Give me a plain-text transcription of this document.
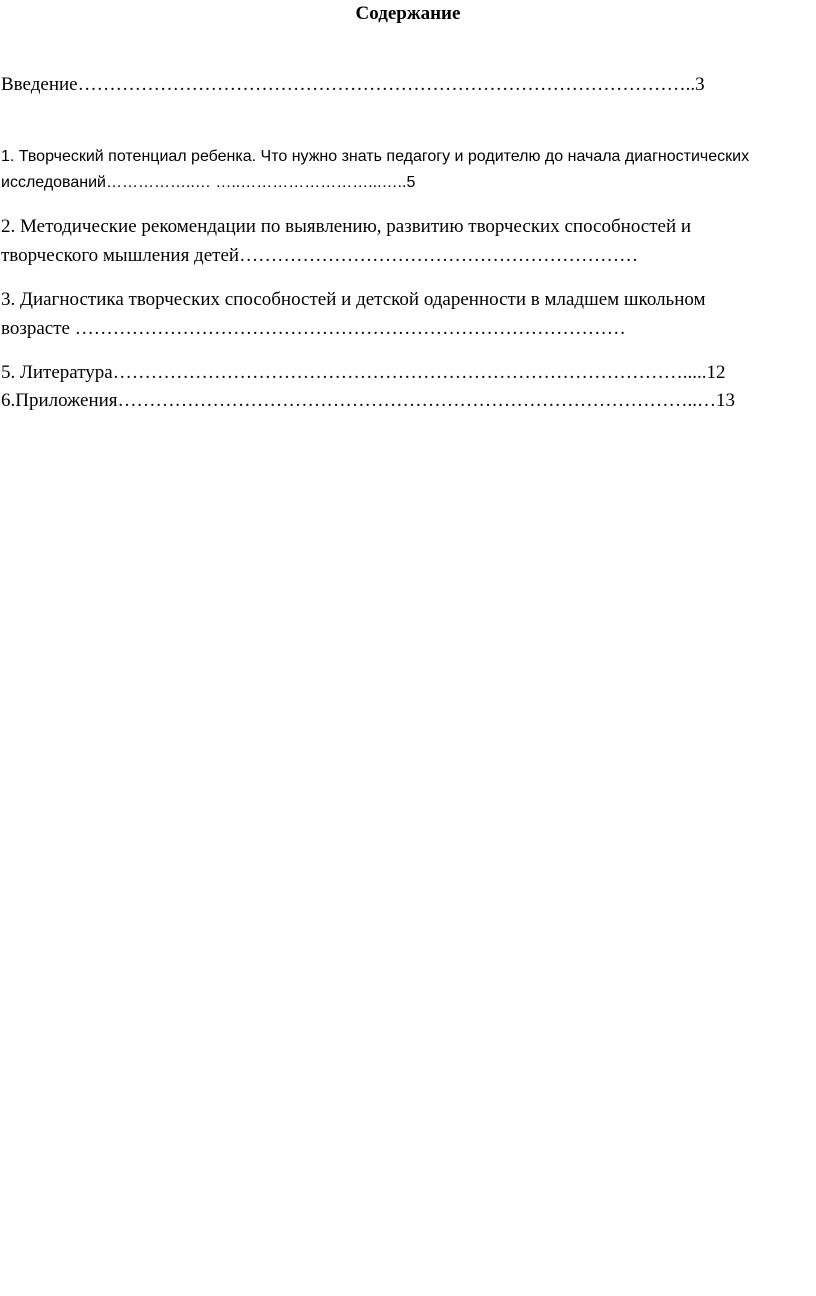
Содержание
Введение……………………………………………………………………………………..3
1. Творческий потенциал ребенка. Что нужно знать педагогу и родителю до начала диагностических
исследований……………..… …..……………………...…..5
2. Методические рекомендации по выявлению, развитию творческих способностей и
творческого мышления детей………………………………………………………
3. Диагностика творческих способностей и детской одаренности в младшем школьном
возрасте ……………………………………………………………………………
5. Литература……………………………………………………………………………….....12
6.Приложения………………………………………………………………………………..…13
